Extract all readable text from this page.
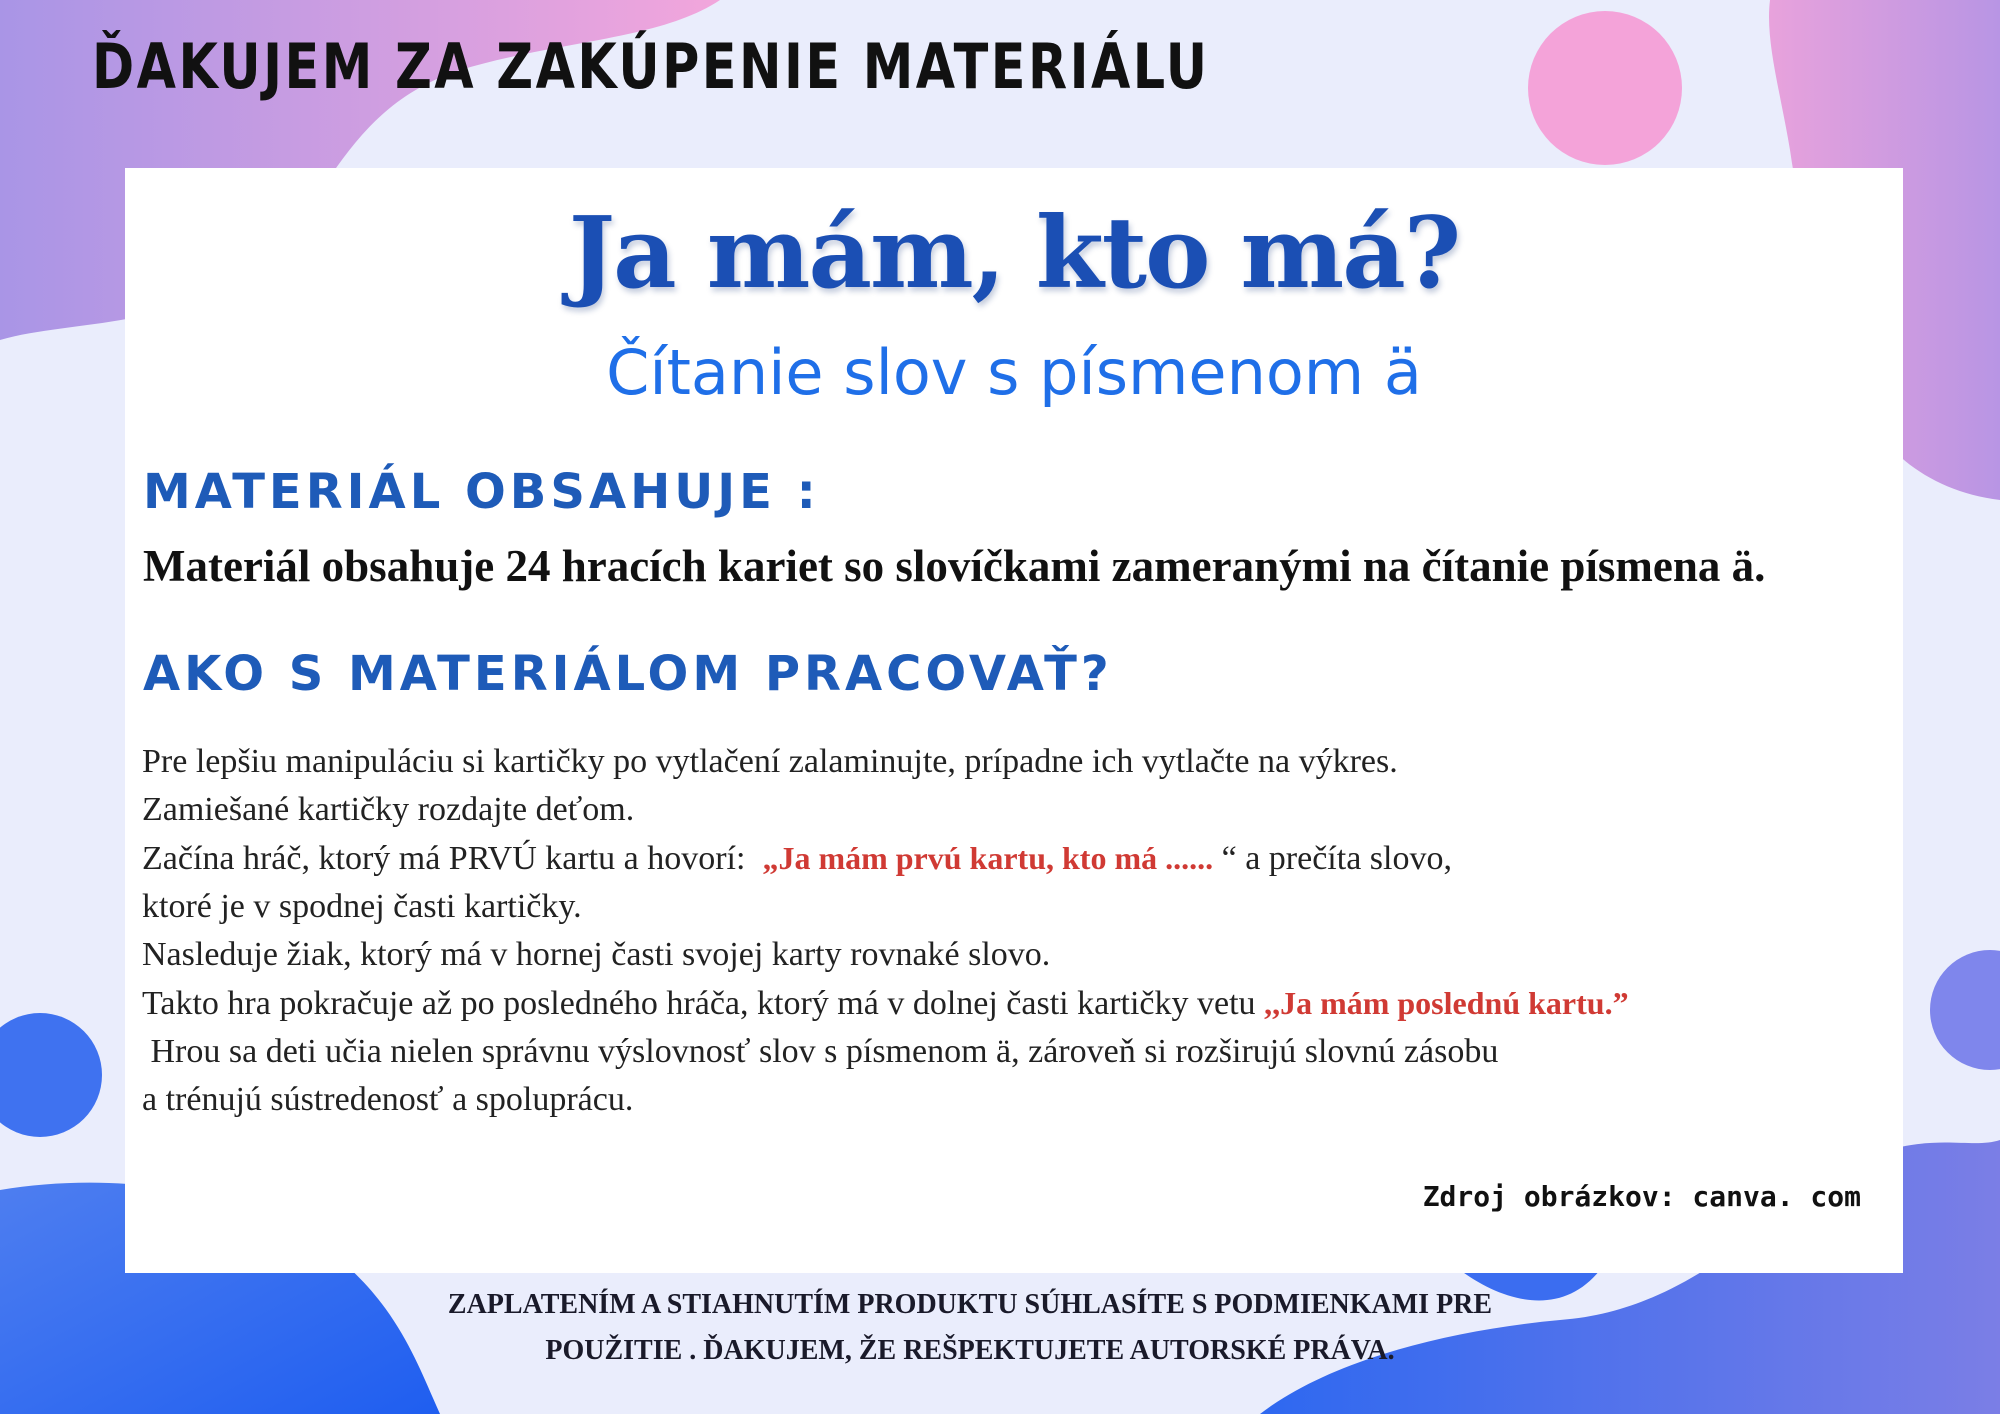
ĎAKUJEM ZA ZAKÚPENIE MATERIÁLU
Ja mám, kto má?
Čítanie slov s písmenom ä
MATERIÁL OBSAHUJE :
Materiál obsahuje 24 hracích kariet so slovíčkami zameranými na čítanie písmena ä.
AKO S MATERIÁLOM PRACOVAŤ?
Pre lepšiu manipuláciu si kartičky po vytlačení zalaminujte, prípadne ich vytlačte na výkres.
Zamiešané kartičky rozdajte deťom.
Začína hráč, ktorý má PRVÚ kartu a hovorí:  „Ja mám prvú kartu, kto má ...... “ a prečíta slovo,
ktoré je v spodnej časti kartičky.
Nasleduje žiak, ktorý má v hornej časti svojej karty rovnaké slovo.
Takto hra pokračuje až po posledného hráča, ktorý má v dolnej časti kartičky vetu ,,Ja mám poslednú kartu.”
Hrou sa deti učia nielen správnu výslovnosť slov s písmenom ä, zároveň si rozširujú slovnú zásobu
a trénujú sústredenosť a spoluprácu.
Zdroj obrázkov: canva. com
ZAPLATENÍM A STIAHNUTÍM PRODUKTU SÚHLASÍTE S PODMIENKAMI PRE
POUŽITIE . ĎAKUJEM, ŽE REŠPEKTUJETE AUTORSKÉ PRÁVA.
